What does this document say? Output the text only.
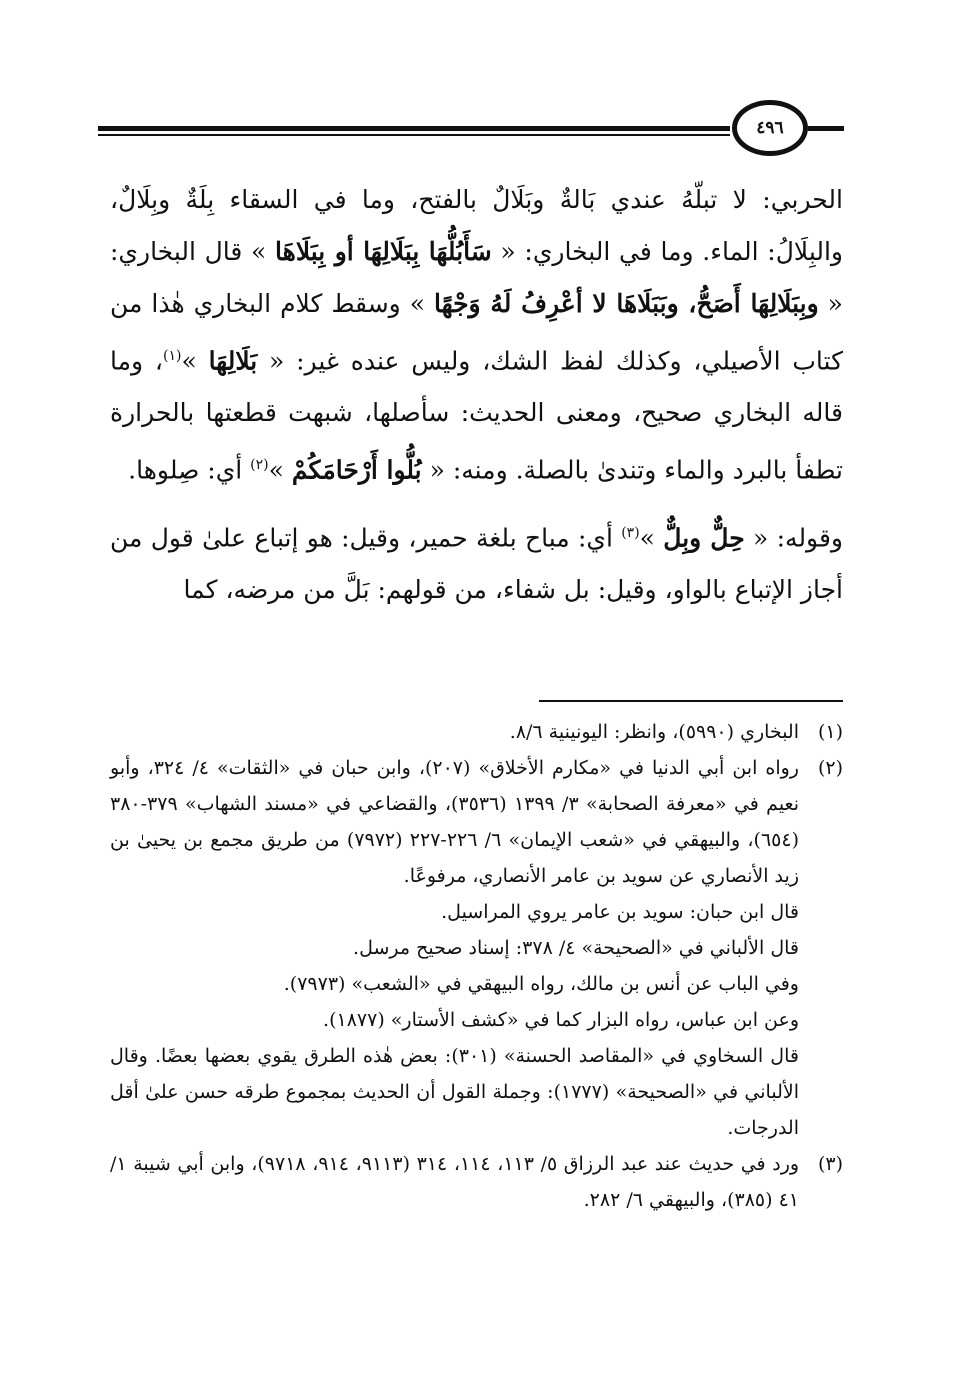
٤٩٦

الحربي: لا تبلّهُ عندي بَالةٌ وبَلَالٌ بالفتح، وما في السقاء بِلَةٌ وبِلَالٌ، والبِلَالُ: الماء. وما في البخاري: « سَأَبُلُّهَا بِبَلَالِهَا أو بِبَلَاهَا » قال البخاري: « وبِبَلَالِهَا أَصَحُّ، وبَبَلَاهَا لا أعْرِفُ لَهُ وَجْهًا » وسقط كلام البخاري هٰذا من كتاب الأصيلي، وكذلك لفظ الشك، وليس عنده غير: « بَلَالِهَا »$^{(١)}$، وما قاله البخاري صحيح، ومعنى الحديث: سأصلها، شبهت قطعتها بالحرارة تطفأ بالبرد والماء وتندىٰ بالصلة. ومنه: « بُلُّوا أَرْحَامَكُمْ »$^{(٢)}$ أي: صِلوها.

وقوله: « حِلٌّ وبِلٌّ »$^{(٣)}$ أي: مباح بلغة حمير، وقيل: هو إتباع علىٰ قول من أجاز الإتباع بالواو، وقيل: بل شفاء، من قولهم: بَلَّ من مرضه، كما

(١)

البخاري (٥٩٩٠)، وانظر: اليونينية ٨/٦.

(٢)

رواه ابن أبي الدنيا في «مكارم الأخلاق» (٢٠٧)، وابن حبان في «الثقات» ٤/ ٣٢٤، وأبو نعيم في «معرفة الصحابة» ٣/ ١٣٩٩ (٣٥٣٦)، والقضاعي في «مسند الشهاب» ٣٧٩-٣٨٠ (٦٥٤)، والبيهقي في «شعب الإيمان» ٦/ ٢٢٦-٢٢٧ (٧٩٧٢) من طريق مجمع بن يحيىٰ بن زيد الأنصاري عن سويد بن عامر الأنصاري، مرفوعًا.

قال ابن حبان: سويد بن عامر يروي المراسيل.

قال الألباني في «الصحيحة» ٤/ ٣٧٨: إسناد صحيح مرسل.

وفي الباب عن أنس بن مالك، رواه البيهقي في «الشعب» (٧٩٧٣).

وعن ابن عباس، رواه البزار كما في «كشف الأستار» (١٨٧٧).

قال السخاوي في «المقاصد الحسنة» (٣٠١): بعض هٰذه الطرق يقوي بعضها بعضًا. وقال الألباني في «الصحيحة» (١٧٧٧): وجملة القول أن الحديث بمجموع طرقه حسن علىٰ أقل الدرجات.

(٣)

ورد في حديث عند عبد الرزاق ٥/ ١١٣، ١١٤، ٣١٤ (٩١١٣، ٩١٤، ٩٧١٨)، وابن أبي شيبة ١/ ٤١ (٣٨٥)، والبيهقي ٦/ ٢٨٢.
